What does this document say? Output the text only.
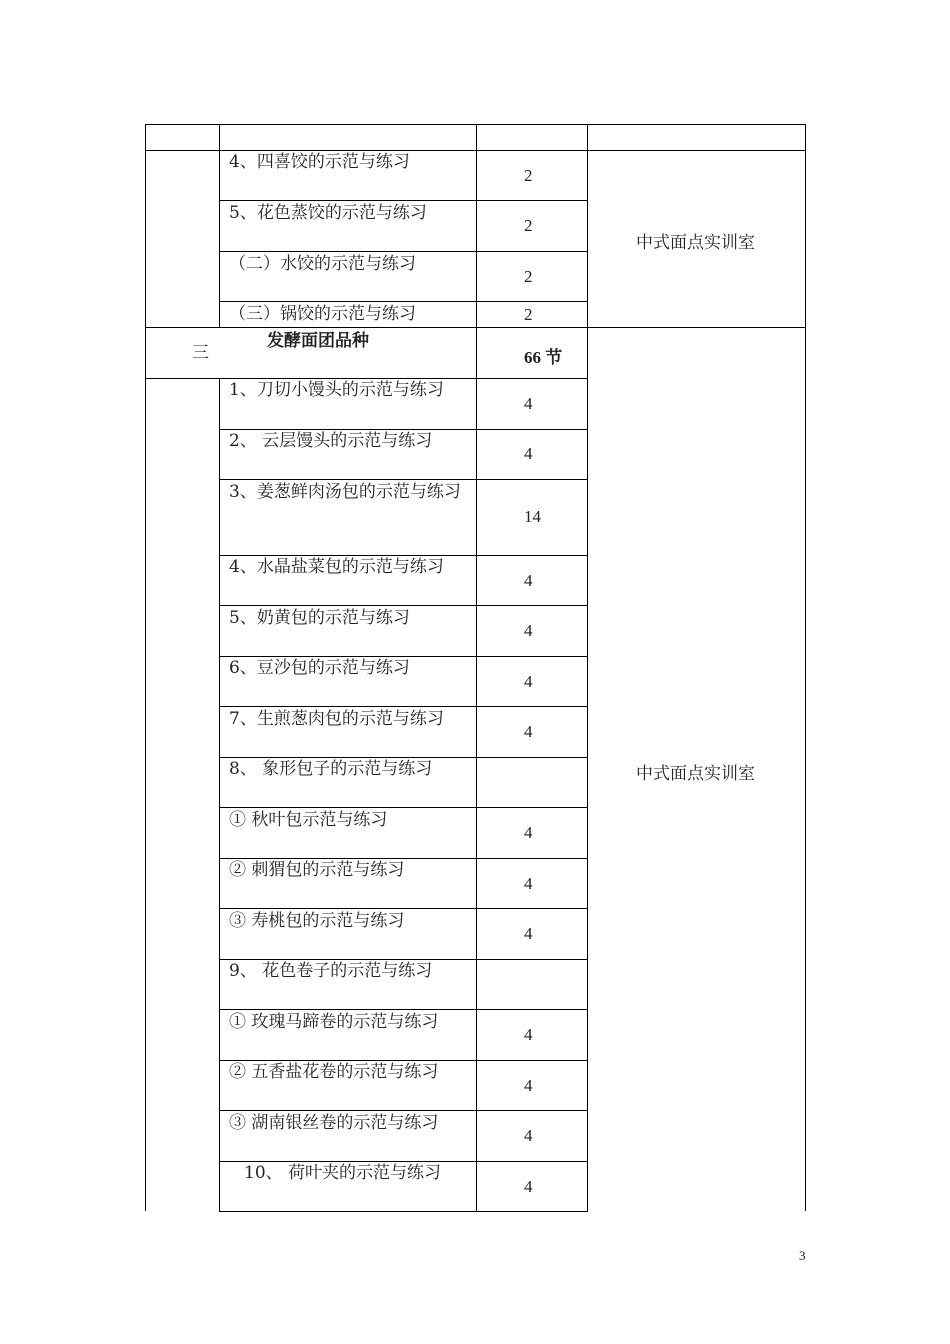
4、四喜饺的示范与练习
2
5、花色蒸饺的示范与练习
2
（二）水饺的示范与练习
2
（三）锅饺的示范与练习	2
中式面点实训室
三
发酵面团品种
66 节
1、刀切小馒头的示范与练习
4
2、 云层馒头的示范与练习
4
3、姜葱鲜肉汤包的示范与练习
14
4、水晶盐菜包的示范与练习
4
5、奶黄包的示范与练习
4
6、豆沙包的示范与练习
4
7、生煎葱肉包的示范与练习
4
8、 象形包子的示范与练习
① 秋叶包示范与练习
4
② 刺猬包的示范与练习
4
③ 寿桃包的示范与练习
4
9、 花色卷子的示范与练习
① 玫瑰马蹄卷的示范与练习
4
② 五香盐花卷的示范与练习
4
③ 湖南银丝卷的示范与练习
4
10、 荷叶夹的示范与练习
4
中式面点实训室
3
